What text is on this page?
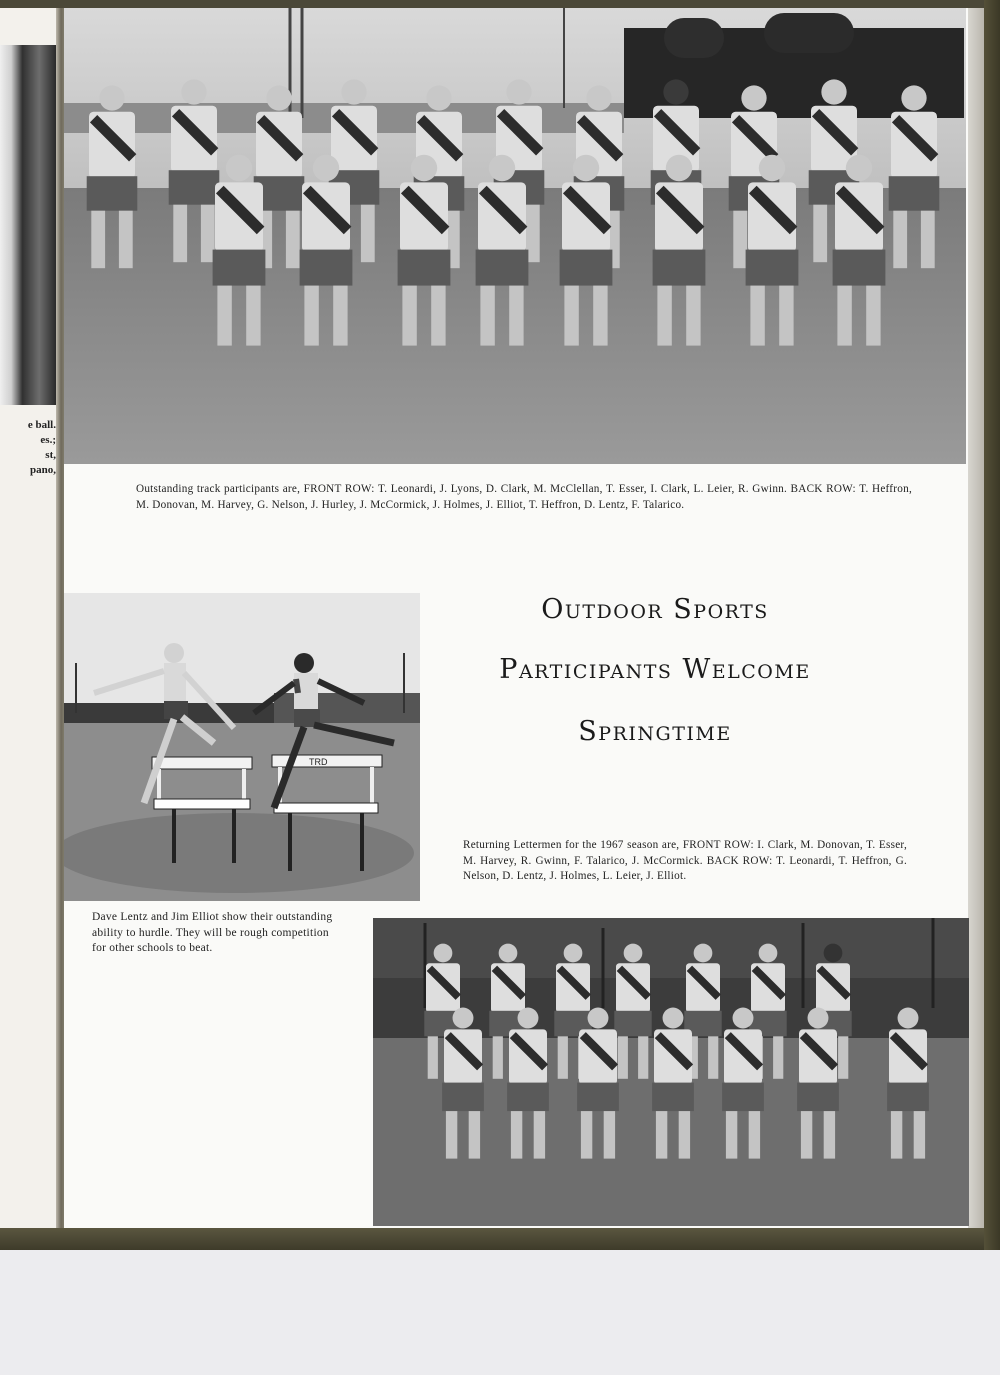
e ball.
es.;
st,
pano,
Outstanding track participants are, FRONT ROW: T. Leonardi, J. Lyons, D. Clark, M. McClellan, T. Esser, I. Clark, L. Leier, R. Gwinn. BACK ROW: T. Heffron, M. Donovan, M. Harvey, G. Nelson, J. Hurley, J. McCormick, J. Holmes, J. Elliot, T. Heffron, D. Lentz, F. Talarico.
TRD
Dave Lentz and Jim Elliot show their outstanding ability to hurdle. They will be rough competition for other schools to beat.
Outdoor Sports
Participants Welcome
Springtime
Returning Lettermen for the 1967 season are, FRONT ROW: I. Clark, M. Donovan, T. Esser, M. Harvey, R. Gwinn, F. Talarico, J. McCormick. BACK ROW: T. Leonardi, T. Heffron, G. Nelson, D. Lentz, J. Holmes, L. Leier, J. Elliot.
